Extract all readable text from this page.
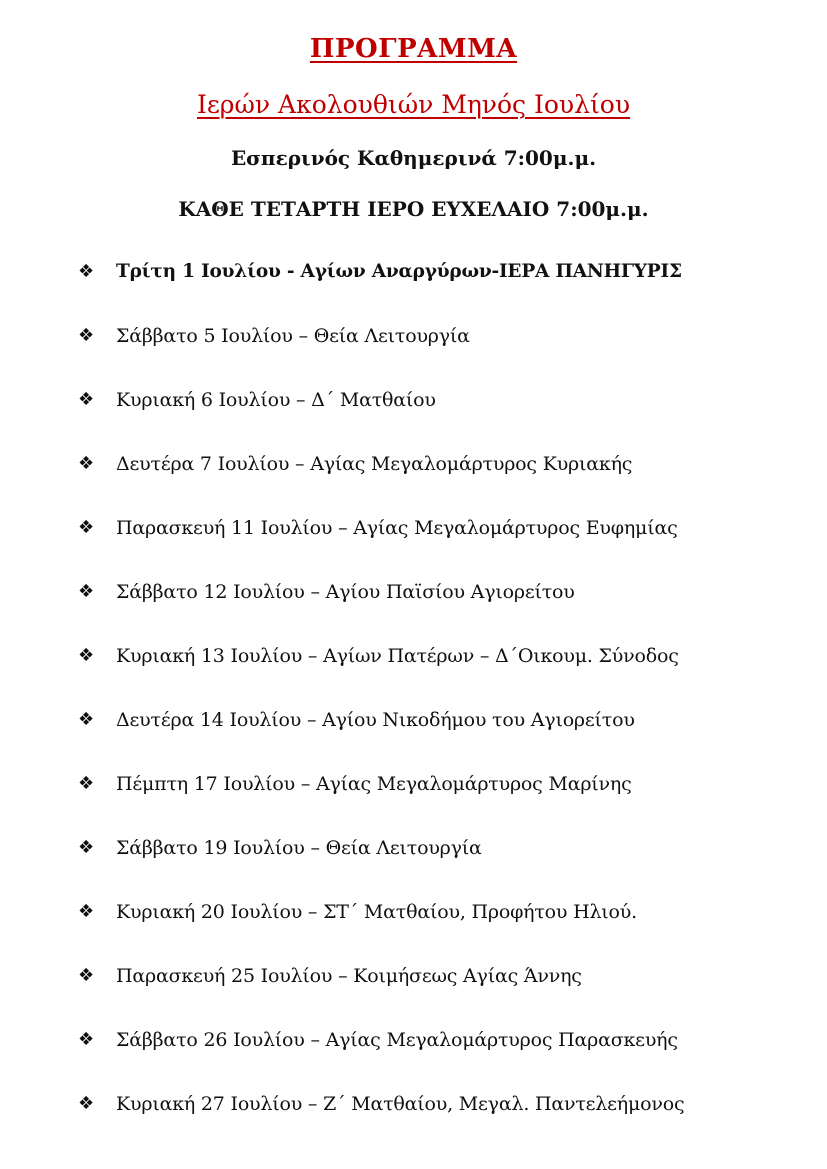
ΠΡΟΓΡΑΜΜΑ
Ιερών Ακολουθιών Μηνός Ιουλίου
Εσπερινός Καθημερινά 7:00μ.μ.
ΚΑΘΕ ΤΕΤΑΡΤΗ ΙΕΡΟ ΕΥΧΕΛΑΙΟ 7:00μ.μ.
❖	Τρίτη 1 Ιουλίου - Αγίων Αναργύρων-ΙΕΡΑ ΠΑΝΗΓΥΡΙΣ
❖	Σάββατο 5 Ιουλίου – Θεία Λειτουργία
❖	Κυριακή 6 Ιουλίου – Δ΄ Ματθαίου
❖	Δευτέρα 7 Ιουλίου – Αγίας Μεγαλομάρτυρος Κυριακής
❖	Παρασκευή 11 Ιουλίου – Αγίας Μεγαλομάρτυρος Ευφημίας
❖	Σάββατο 12 Ιουλίου – Αγίου Παϊσίου Αγιορείτου
❖	Κυριακή 13 Ιουλίου – Αγίων Πατέρων – Δ΄Οικουμ. Σύνοδος
❖	Δευτέρα 14 Ιουλίου – Αγίου Νικοδήμου του Αγιορείτου
❖	Πέμπτη 17 Ιουλίου – Αγίας Μεγαλομάρτυρος Μαρίνης
❖	Σάββατο 19 Ιουλίου – Θεία Λειτουργία
❖	Κυριακή 20 Ιουλίου – ΣΤ΄ Ματθαίου, Προφήτου Ηλιού.
❖	Παρασκευή 25 Ιουλίου – Κοιμήσεως Αγίας Άννης
❖	Σάββατο 26 Ιουλίου – Αγίας Μεγαλομάρτυρος Παρασκευής
❖	Κυριακή 27 Ιουλίου – Ζ΄ Ματθαίου, Μεγαλ. Παντελεήμονος
